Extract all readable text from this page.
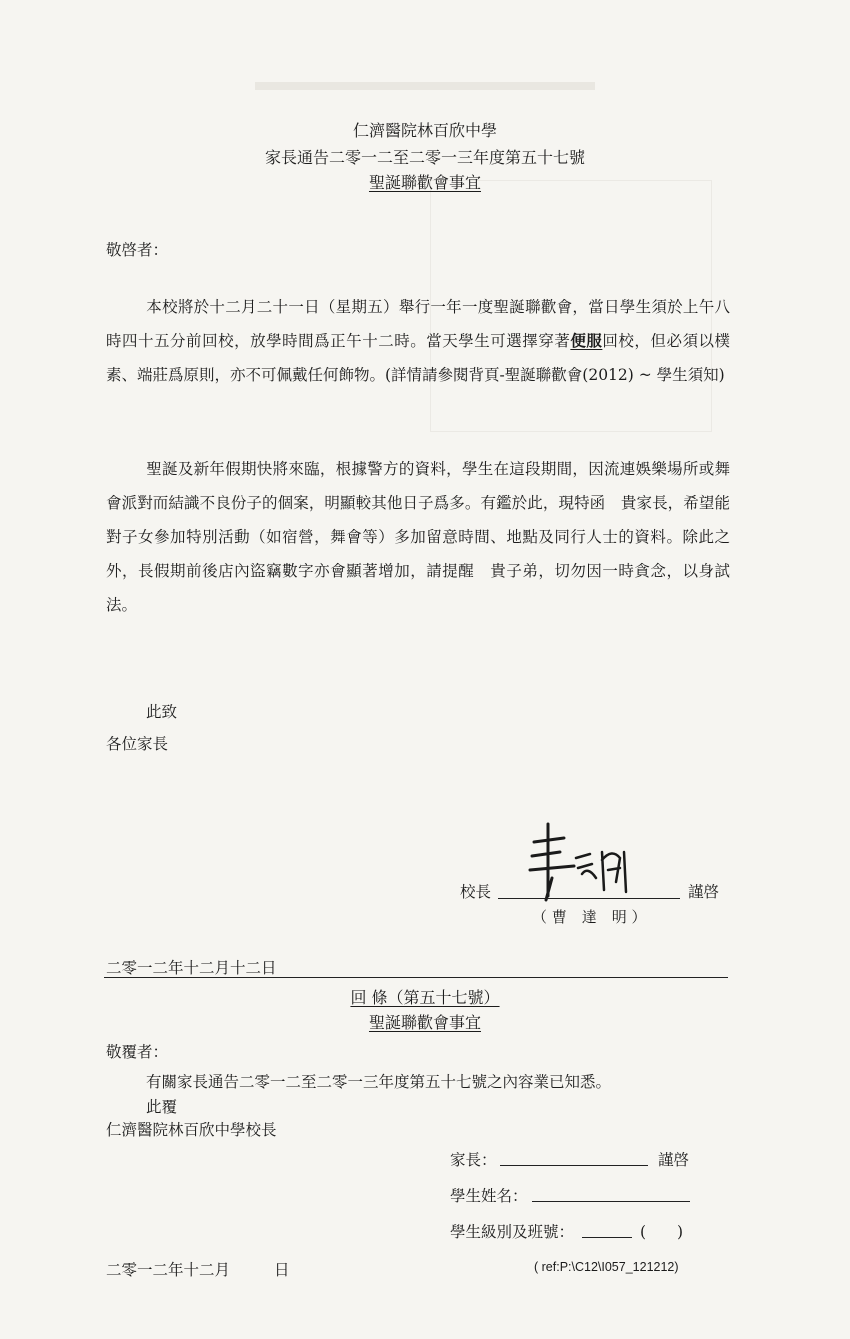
仁濟醫院林百欣中學
家長通告二零一二至二零一三年度第五十七號
聖誕聯歡會事宜
敬啓者：
本校將於十二月二十一日（星期五）舉行一年一度聖誕聯歡會，當日學生須於上午八時四十五分前回校，放學時間爲正午十二時。當天學生可選擇穿著便服回校，但必須以樸素、端莊爲原則，亦不可佩戴任何飾物。(詳情請參閱背頁-聖誕聯歡會(2012) ~ 學生須知)
聖誕及新年假期快將來臨，根據警方的資料，學生在這段期間，因流連娛樂場所或舞會派對而結識不良份子的個案，明顯較其他日子爲多。有鑑於此，現特函　貴家長，希望能對子女參加特別活動（如宿營，舞會等）多加留意時間、地點及同行人士的資料。除此之外，長假期前後店內盜竊數字亦會顯著增加，請提醒　貴子弟，切勿因一時貪念，以身試法。
此致
各位家長
校長	謹啓
（ 曹　達　明 ）
二零一二年十二月十二日
回 條（第五十七號）
聖誕聯歡會事宜
敬覆者：
有關家長通告二零一二至二零一三年度第五十七號之內容業已知悉。
此覆
仁濟醫院林百欣中學校長
家長：	謹啓
學生姓名：
學生級別及班號：	(　　)
二零一二年十二月	日	( ref:P:\C12\I057_121212)
